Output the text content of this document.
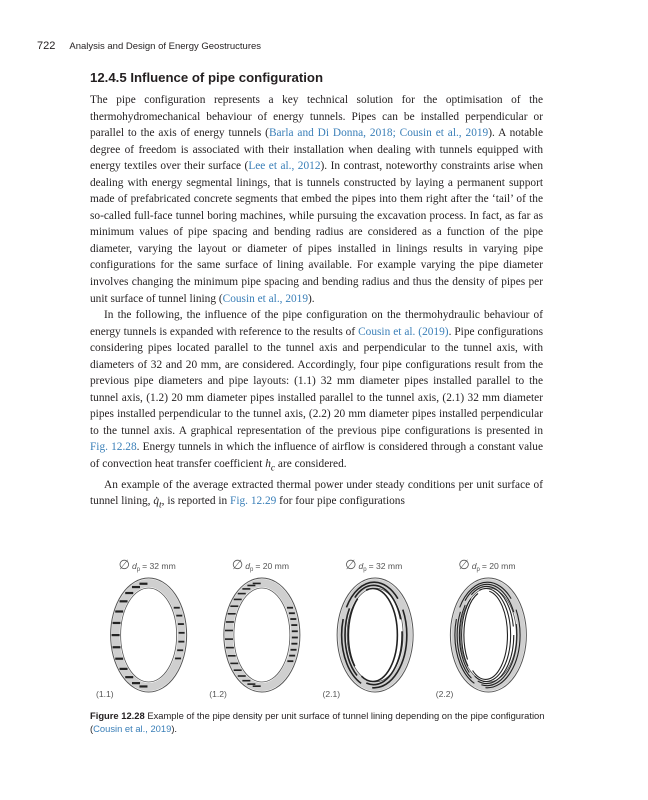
722 Analysis and Design of Energy Geostructures
12.4.5 Influence of pipe configuration

The pipe configuration represents a key technical solution for the optimisation of the thermohydromechanical behaviour of energy tunnels. Pipes can be installed perpendicular or parallel to the axis of energy tunnels (Barla and Di Donna, 2018; Cousin et al., 2019). A notable degree of freedom is associated with their installation when dealing with tunnels equipped with energy textiles over their surface (Lee et al., 2012). In contrast, noteworthy constraints arise when dealing with energy segmental linings, that is tunnels constructed by laying a permanent support made of prefabricated concrete segments that embed the pipes into them right after the ‘tail’ of the so-called full-face tunnel boring machines, while pursuing the excavation process. In fact, as far as minimum values of pipe spacing and bending radius are considered as a function of the pipe diameter, varying the layout or diameter of pipes installed in linings results in varying pipe configurations for the same surface of lining available. For example varying the pipe diameter involves changing the minimum pipe spacing and bending radius and thus the density of pipes per unit surface of tunnel lining (Cousin et al., 2019).

In the following, the influence of the pipe configuration on the thermohydraulic behaviour of energy tunnels is expanded with reference to the results of Cousin et al. (2019). Pipe configurations considering pipes located parallel to the tunnel axis and perpendicular to the tunnel axis, with diameters of 32 and 20 mm, are considered. Accordingly, four pipe configurations result from the previous pipe diameters and pipe layouts: (1.1) 32 mm diameter pipes installed parallel to the tunnel axis, (1.2) 20 mm diameter pipes installed parallel to the tunnel axis, (2.1) 32 mm diameter pipes installed perpendicular to the tunnel axis, (2.2) 20 mm diameter pipes installed perpendicular to the tunnel axis. A graphical representation of the previous pipe configurations is presented in Fig. 12.28. Energy tunnels in which the influence of airflow is considered through a constant value of convection heat transfer coefficient $h_c$ are considered.

An example of the average extracted thermal power under steady conditions per unit surface of tunnel lining, $q̇_t$, is reported in Fig. 12.29 for four pipe configurations

∅ $d_p = 32$ mm
(1.1)
∅ $d_p = 20$ mm
(1.2)
∅ $d_p = 32$ mm
(2.1)
∅ $d_p = 20$ mm
(2.2)
Figure 12.28 Example of the pipe density per unit surface of tunnel lining depending on the pipe configuration (Cousin et al., 2019).
